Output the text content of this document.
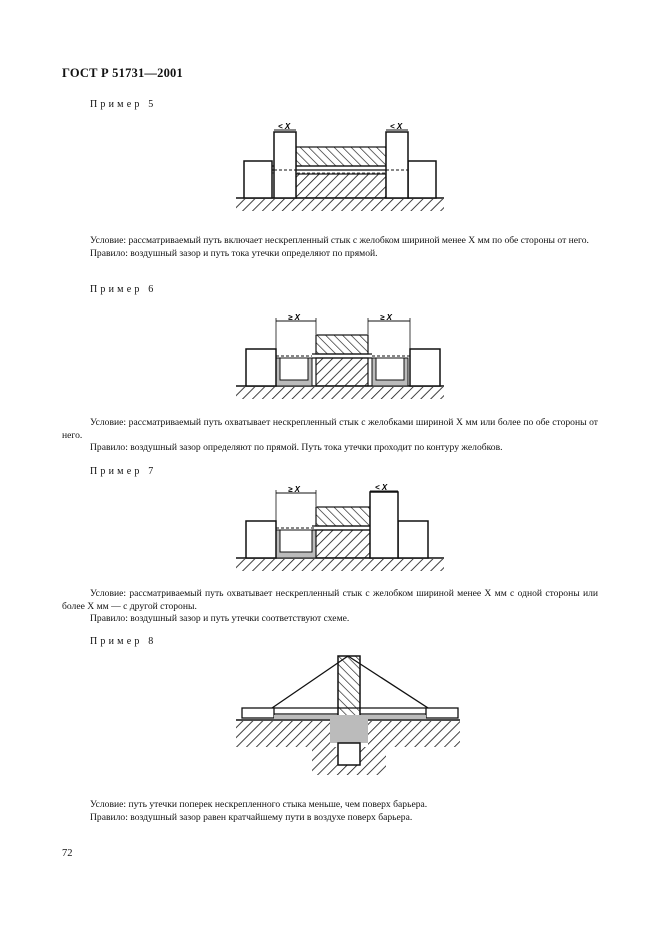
ГОСТ Р 51731—2001
Пример 5
< X	< X

Условие: рассматриваемый путь включает нескрепленный стык с желобком шириной менее X мм по обе стороны от него.

Правило: воздушный зазор и путь тока утечки определяют по прямой.

Пример 6
≥ X	≥ X

Условие: рассматриваемый путь охватывает нескрепленный стык с желобками шириной X мм или более по обе стороны от него.

Правило: воздушный зазор определяют по прямой. Путь тока утечки проходит по контуру желобков.

Пример 7
≥ X	< X

Условие: рассматриваемый путь охватывает нескрепленный стык с желобком шириной менее X мм с одной стороны или более X мм — с другой стороны.

Правило: воздушный зазор и путь утечки соответствуют схеме.

Пример 8

Условие: путь утечки поперек нескрепленного стыка меньше, чем поверх барьера.

Правило: воздушный зазор равен кратчайшему пути в воздухе поверх барьера.

72
